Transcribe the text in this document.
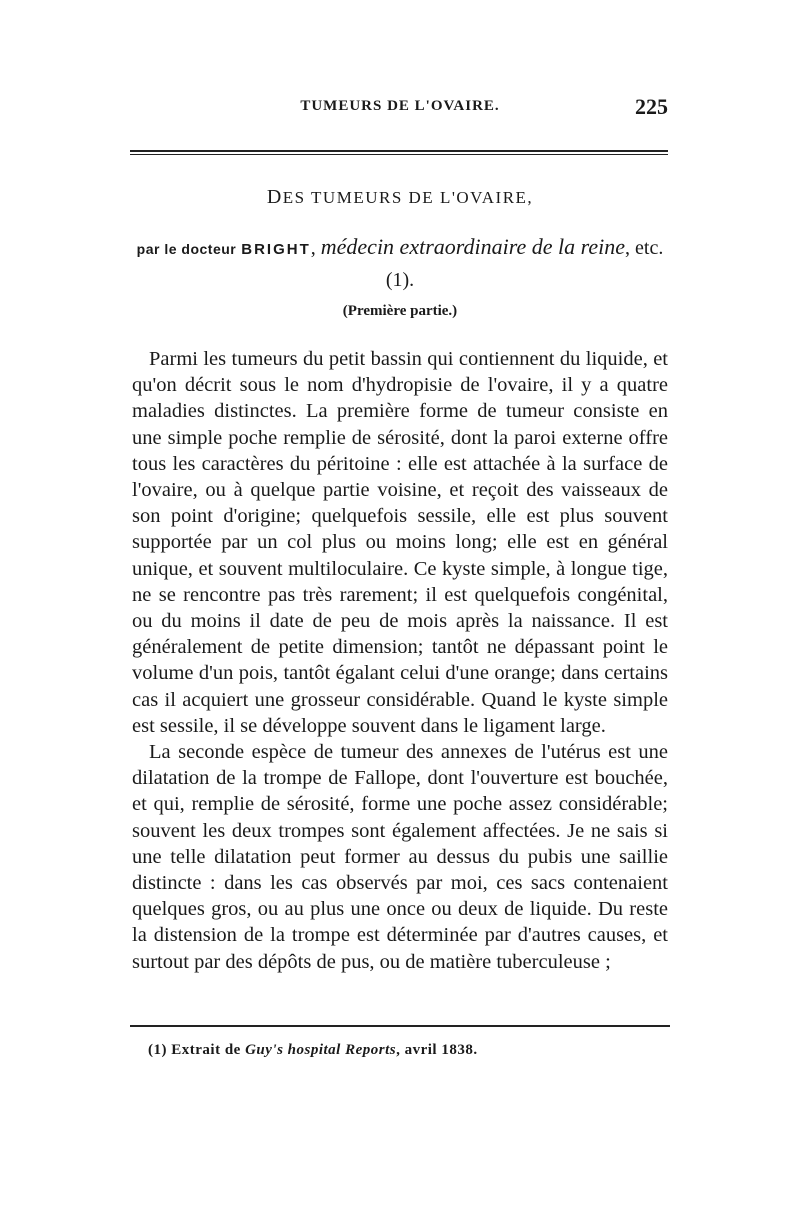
TUMEURS DE L'OVAIRE.	225
DES TUMEURS DE L'OVAIRE,
par le docteur BRIGHT, médecin extraordinaire de la reine, etc. (1).
(Première partie.)

Parmi les tumeurs du petit bassin qui contiennent du liquide, et qu'on décrit sous le nom d'hydropisie de l'ovaire, il y a quatre maladies distinctes. La première forme de tumeur consiste en une simple poche remplie de sérosité, dont la paroi externe offre tous les caractères du péritoine : elle est attachée à la surface de l'ovaire, ou à quelque partie voisine, et reçoit des vaisseaux de son point d'origine; quelquefois sessile, elle est plus souvent supportée par un col plus ou moins long; elle est en général unique, et souvent multiloculaire. Ce kyste simple, à longue tige, ne se rencontre pas très rarement; il est quelquefois congénital, ou du moins il date de peu de mois après la naissance. Il est généralement de petite dimension; tantôt ne dépassant point le volume d'un pois, tantôt égalant celui d'une orange; dans certains cas il acquiert une grosseur considérable. Quand le kyste simple est sessile, il se développe souvent dans le ligament large.

La seconde espèce de tumeur des annexes de l'utérus est une dilatation de la trompe de Fallope, dont l'ouverture est bouchée, et qui, remplie de sérosité, forme une poche assez considérable; souvent les deux trompes sont également affectées. Je ne sais si une telle dilatation peut former au dessus du pubis une saillie distincte : dans les cas observés par moi, ces sacs contenaient quelques gros, ou au plus une once ou deux de liquide. Du reste la distension de la trompe est déterminée par d'autres causes, et surtout par des dépôts de pus, ou de matière tuberculeuse ;

(1) Extrait de Guy's hospital Reports, avril 1838.
